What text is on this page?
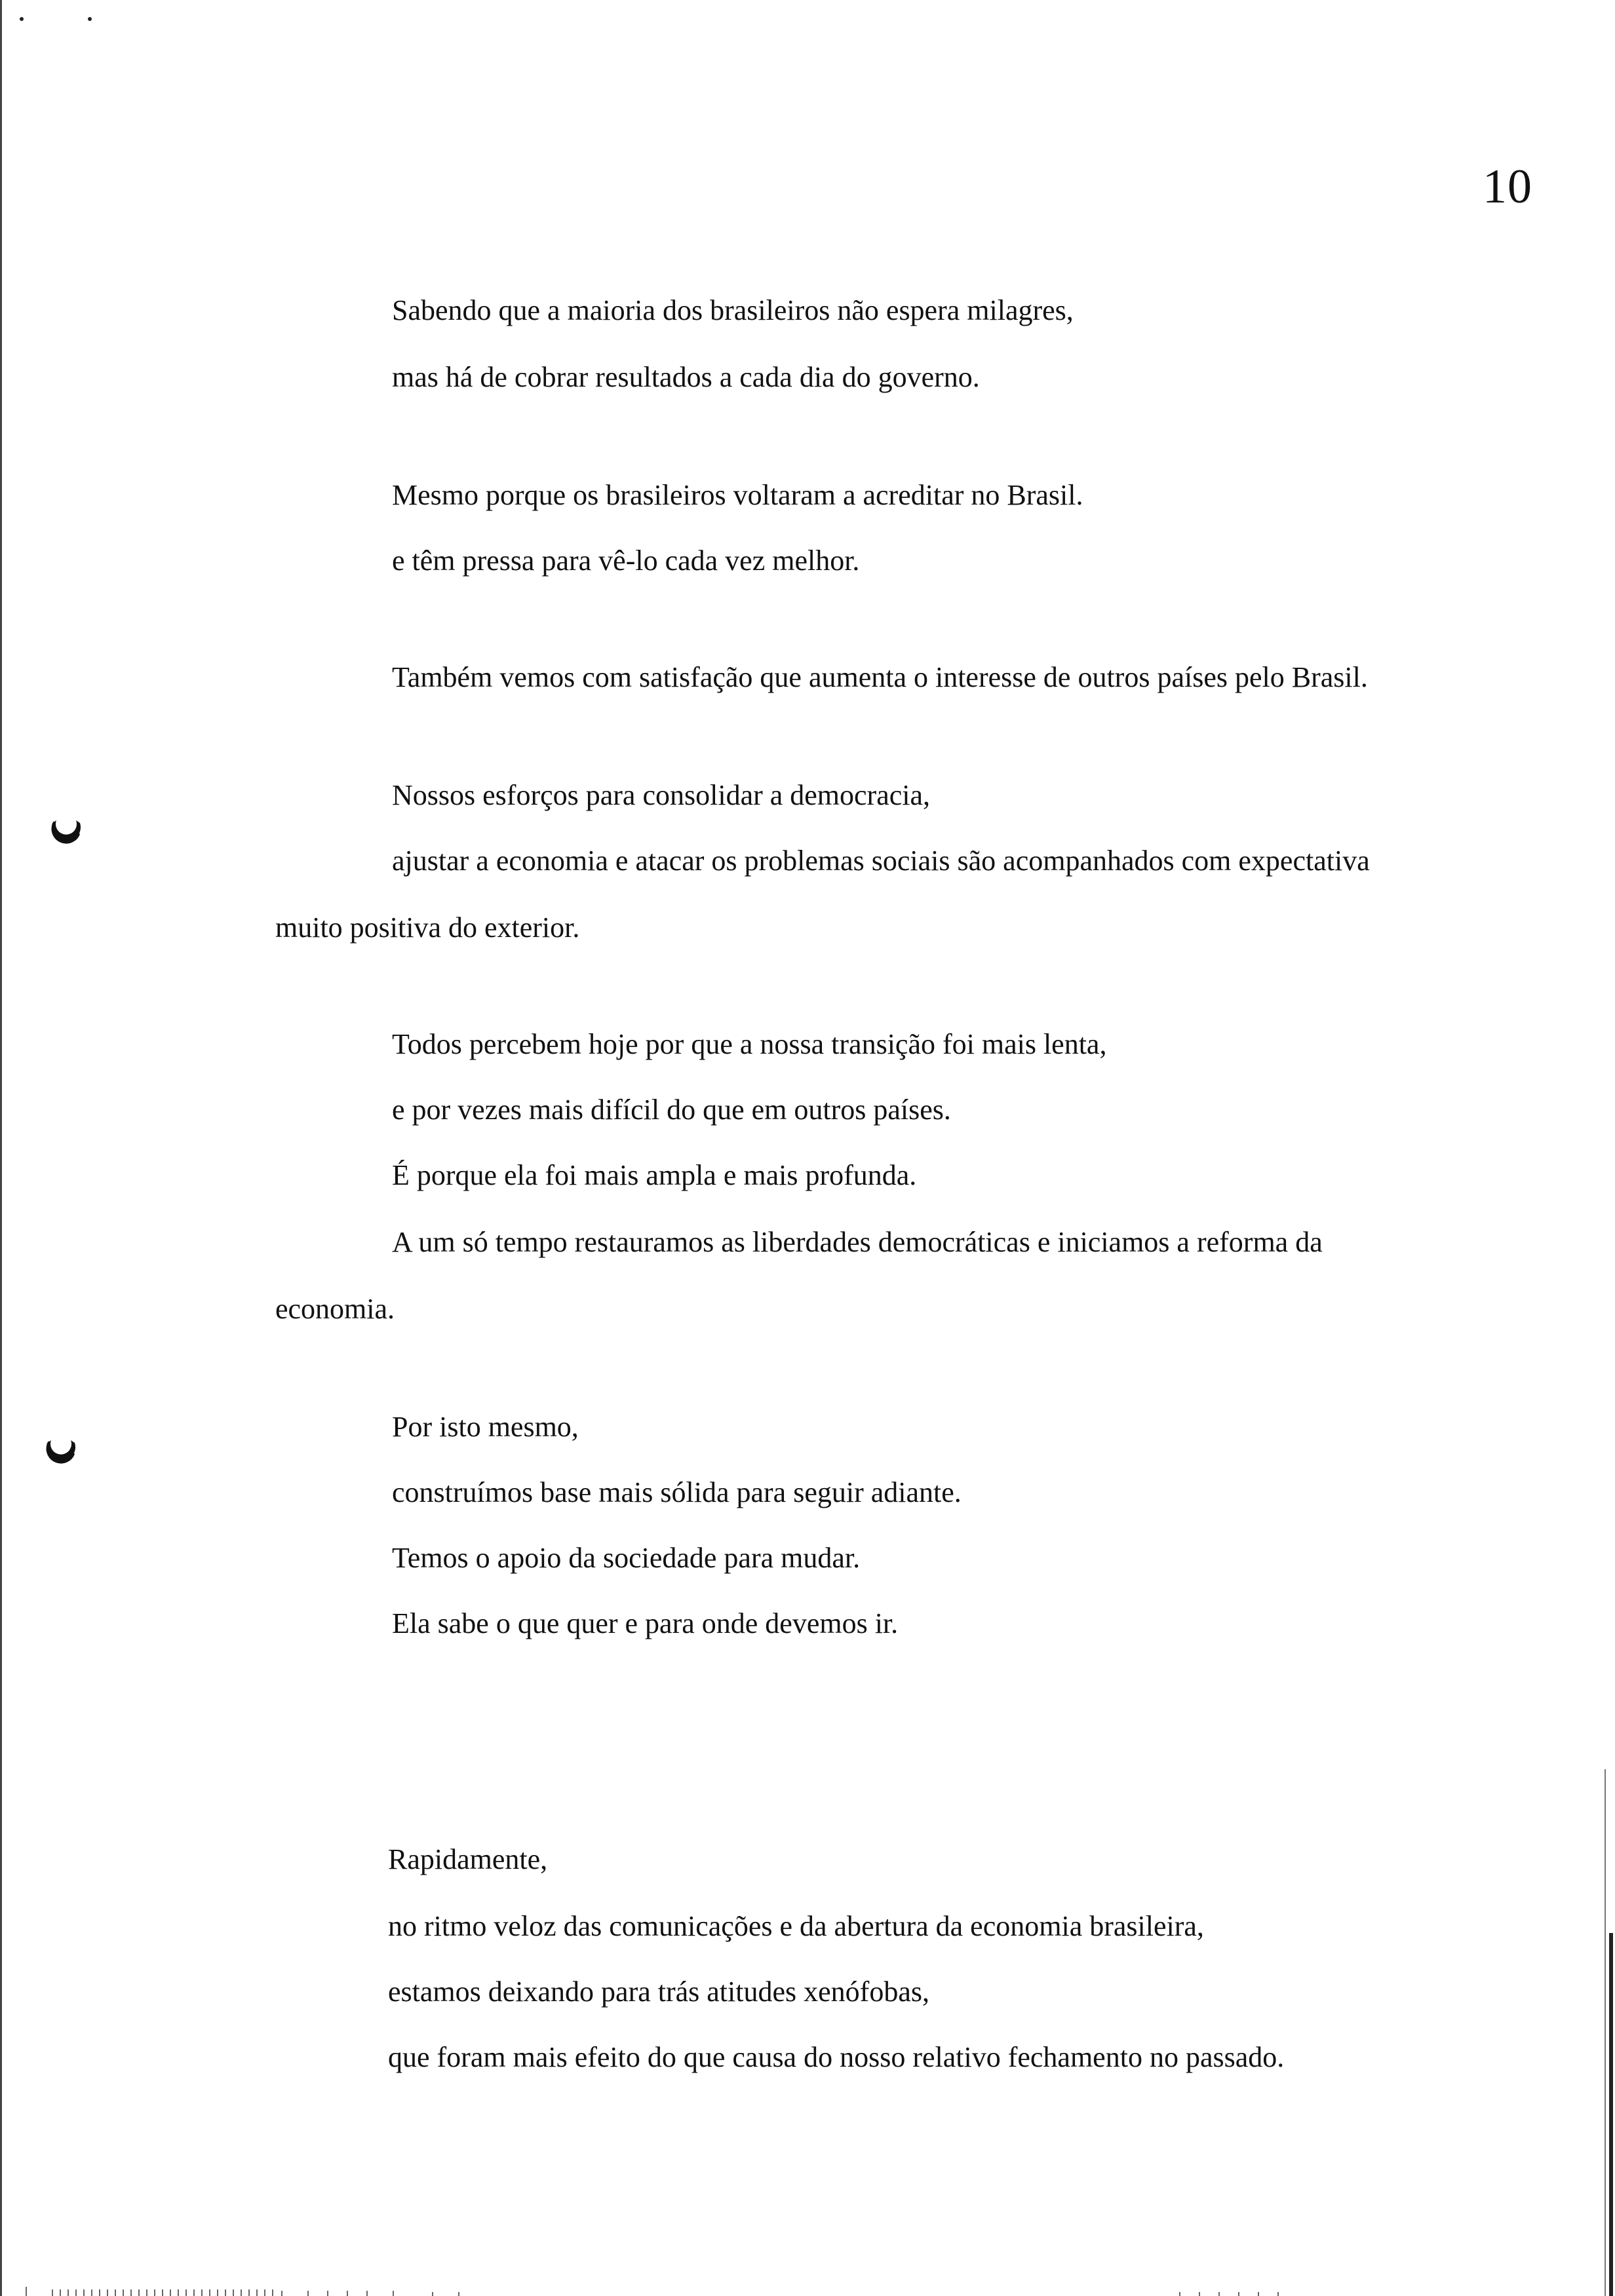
10
Sabendo que a maioria dos brasileiros não espera milagres,
mas há de cobrar resultados a cada dia do governo.
Mesmo porque os brasileiros voltaram a acreditar no Brasil.
e têm pressa para vê-lo cada vez melhor.
Também vemos com satisfação que aumenta o interesse de outros países pelo Brasil.
Nossos esforços para consolidar a democracia,
ajustar a economia e atacar os problemas sociais são acompanhados com expectativa
muito positiva do exterior.
Todos percebem hoje por que a nossa transição foi mais lenta,
e por vezes mais difícil do que em outros países.
É porque ela foi mais ampla e mais profunda.
A um só tempo restauramos as liberdades democráticas e iniciamos a reforma da
economia.
Por isto mesmo,
construímos base mais sólida para seguir adiante.
Temos o apoio da sociedade para mudar.
Ela sabe o que quer e para onde devemos ir.
Rapidamente,
no ritmo veloz das comunicações e da abertura da economia brasileira,
estamos deixando para trás atitudes xenófobas,
que foram mais efeito do que causa do nosso relativo fechamento no passado.
